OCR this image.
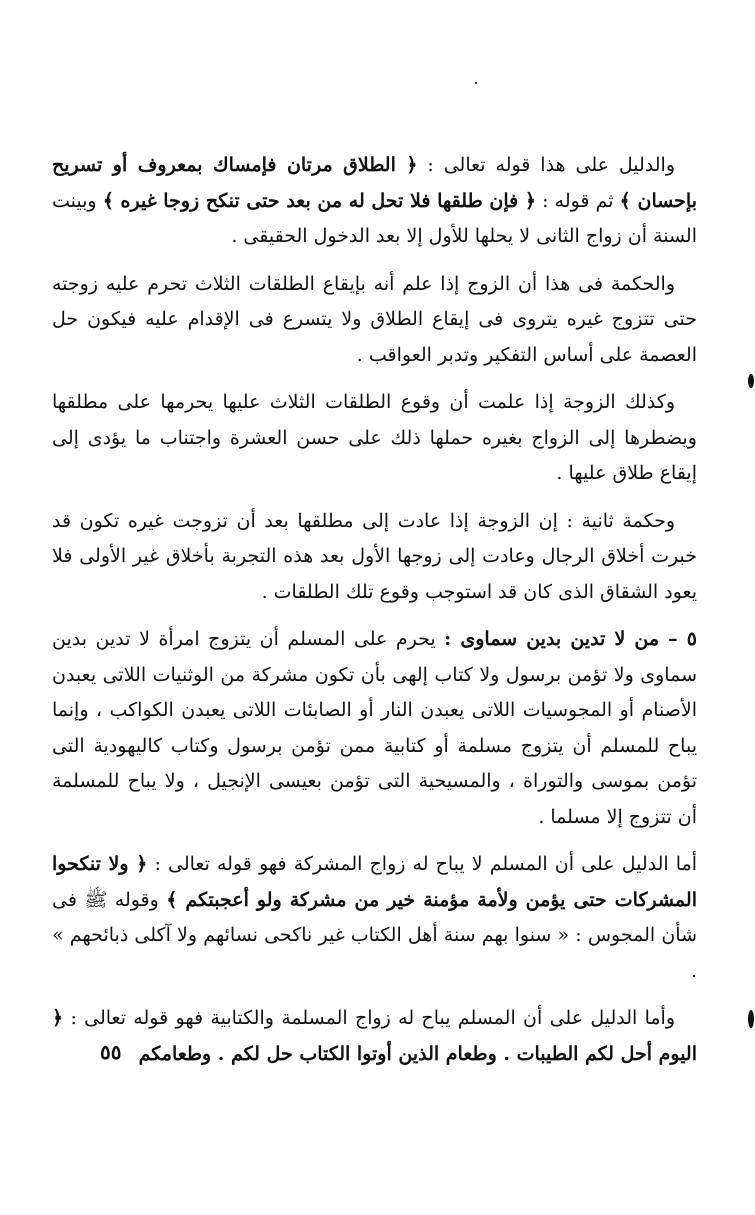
والدليل على هذا قوله تعالى : ﴿ الطلاق مرتان فإمساك بمعروف أو تسريح بإحسان ﴾ ثم قوله : ﴿ فإن طلقها فلا تحل له من بعد حتى تنكح زوجا غيره ﴾ وبينت السنة أن زواج الثانى لا يحلها للأول إلا بعد الدخول الحقيقى .

والحكمة فى هذا أن الزوج إذا علم أنه بإيقاع الطلقات الثلاث تحرم عليه زوجته حتى تتزوج غيره يتروى فى إيقاع الطلاق ولا يتسرع فى الإقدام عليه فيكون حل العصمة على أساس التفكير وتدبر العواقب .

وكذلك الزوجة إذا علمت أن وقوع الطلقات الثلاث عليها يحرمها على مطلقها ويضطرها إلى الزواج بغيره حملها ذلك على حسن العشرة واجتناب ما يؤدى إلى إيقاع طلاق عليها .

وحكمة ثانية : إن الزوجة إذا عادت إلى مطلقها بعد أن تزوجت غيره تكون قد خبرت أخلاق الرجال وعادت إلى زوجها الأول بعد هذه التجربة بأخلاق غير الأولى فلا يعود الشقاق الذى كان قد استوجب وقوع تلك الطلقات .

٥ – من لا تدين بدين سماوى : يحرم على المسلم أن يتزوج امرأة لا تدين بدين سماوى ولا تؤمن برسول ولا كتاب إلهى بأن تكون مشركة من الوثنيات اللاتى يعبدن الأصنام أو المجوسيات اللاتى يعبدن النار أو الصابئات اللاتى يعبدن الكواكب ، وإنما يباح للمسلم أن يتزوج مسلمة أو كتابية ممن تؤمن برسول وكتاب كاليهودية التى تؤمن بموسى والتوراة ، والمسيحية التى تؤمن بعيسى الإنجيل ، ولا يباح للمسلمة أن تتزوج إلا مسلما .

أما الدليل على أن المسلم لا يباح له زواج المشركة فهو قوله تعالى : ﴿ ولا تنكحوا المشركات حتى يؤمن ولأمة مؤمنة خير من مشركة ولو أعجبتكم ﴾ وقوله ﷺ فى شأن المجوس : « سنوا بهم سنة أهل الكتاب غير ناكحى نسائهم ولا آكلى ذبائحهم » .

وأما الدليل على أن المسلم يباح له زواج المسلمة والكتابية فهو قوله تعالى : ﴿ اليوم أحل لكم الطيبات . وطعام الذين أوتوا الكتاب حل لكم . وطعامكم

٥٥
